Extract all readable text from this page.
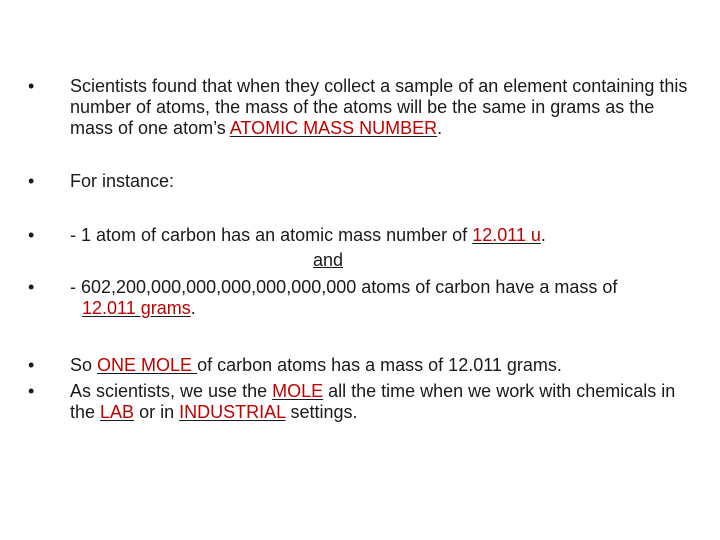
•	Scientists found that when they collect a sample of an element containing this number of atoms, the mass of the atoms will be the same in grams as the mass of one atom’s ATOMIC MASS NUMBER.
•	For instance:
•	- 1 atom of carbon has an atomic mass number of 12.011 u.
and
•	- 602,200,000,000,000,000,000,000 atoms of carbon have a mass of
12.011 grams.
•	So ONE MOLE of carbon atoms has a mass of 12.011 grams.
•	As scientists, we use the MOLE all the time when we work with chemicals in the LAB or in INDUSTRIAL settings.
